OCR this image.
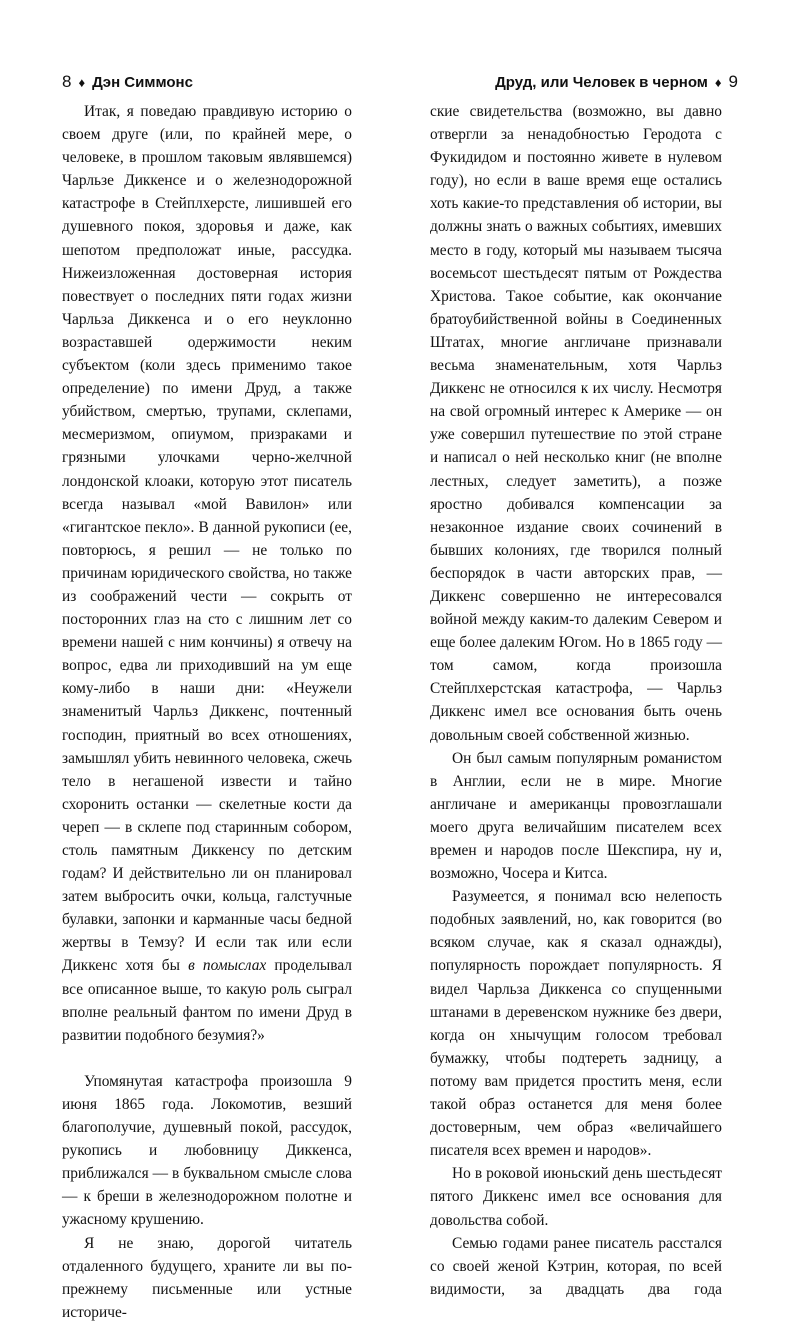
8 ♦ Дэн Симмонс

Итак, я поведаю правдивую историю о своем друге (или, по крайней мере, о человеке, в прошлом таковым являвшемся) Чарльзе Диккенсе и о железнодорожной катастрофе в Стейплхерсте, лишившей его душевного покоя, здоровья и даже, как шепотом предположат иные, рассудка. Нижеизложенная достоверная история повествует о последних пяти годах жизни Чарльза Диккенса и о его неуклонно возраставшей одержимости неким субъектом (коли здесь применимо такое определение) по имени Друд, а также убийством, смертью, трупами, склепами, месмеризмом, опиумом, призраками и грязными улочками черно-желчной лондонской клоаки, которую этот писатель всегда называл «мой Вавилон» или «гигантское пекло». В данной рукописи (ее, повторюсь, я решил — не только по причинам юридического свойства, но также из соображений чести — сокрыть от посторонних глаз на сто с лишним лет со времени нашей с ним кончины) я отвечу на вопрос, едва ли приходивший на ум еще кому-либо в наши дни: «Неужели знаменитый Чарльз Диккенс, почтенный господин, приятный во всех отношениях, замышлял убить невинного человека, сжечь тело в негашеной извести и тайно схоронить останки — скелетные кости да череп — в склепе под старинным собором, столь памятным Диккенсу по детским годам? И действительно ли он планировал затем выбросить очки, кольца, галстучные булавки, запонки и карманные часы бедной жертвы в Темзу? И если так или если Диккенс хотя бы в помыслах проделывал все описанное выше, то какую роль сыграл вполне реальный фантом по имени Друд в развитии подобного безумия?»

Упомянутая катастрофа произошла 9 июня 1865 года. Локомотив, везший благополучие, душевный покой, рассудок, рукопись и любовницу Диккенса, приближался — в буквальном смысле слова — к бреши в железнодорожном полотне и ужасному крушению.

Я не знаю, дорогой читатель отдаленного будущего, храните ли вы по-прежнему письменные или устные историче-

Друд, или Человек в черном ♦ 9

ские свидетельства (возможно, вы давно отвергли за ненадобностью Геродота с Фукидидом и постоянно живете в нулевом году), но если в ваше время еще остались хоть какие-то представления об истории, вы должны знать о важных событиях, имевших место в году, который мы называем тысяча восемьсот шестьдесят пятым от Рождества Христова. Такое событие, как окончание братоубийственной войны в Соединенных Штатах, многие англичане признавали весьма знаменательным, хотя Чарльз Диккенс не относился к их числу. Несмотря на свой огромный интерес к Америке — он уже совершил путешествие по этой стране и написал о ней несколько книг (не вполне лестных, следует заметить), а позже яростно добивался компенсации за незаконное издание своих сочинений в бывших колониях, где творился полный беспорядок в части авторских прав, — Диккенс совершенно не интересовался войной между каким-то далеким Севером и еще более далеким Югом. Но в 1865 году — том самом, когда произошла Стейплхерстская катастрофа, — Чарльз Диккенс имел все основания быть очень довольным своей собственной жизнью.

Он был самым популярным романистом в Англии, если не в мире. Многие англичане и американцы провозглашали моего друга величайшим писателем всех времен и народов после Шекспира, ну и, возможно, Чосера и Китса.

Разумеется, я понимал всю нелепость подобных заявлений, но, как говорится (во всяком случае, как я сказал однажды), популярность порождает популярность. Я видел Чарльза Диккенса со спущенными штанами в деревенском нужнике без двери, когда он хнычущим голосом требовал бумажку, чтобы подтереть задницу, а потому вам придется простить меня, если такой образ останется для меня более достоверным, чем образ «величайшего писателя всех времен и народов».

Но в роковой июньский день шестьдесят пятого Диккенс имел все основания для довольства собой.

Семью годами ранее писатель расстался со своей женой Кэтрин, которая, по всей видимости, за двадцать два года
